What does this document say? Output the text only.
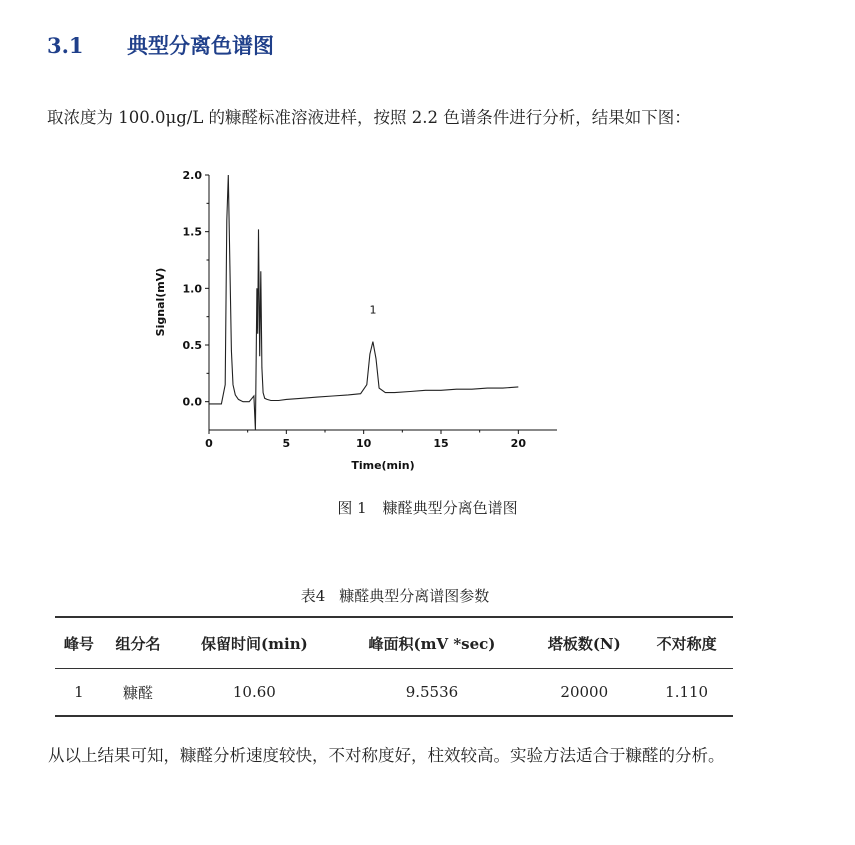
3.1 典型分离色谱图

取浓度为 100.0μg/L 的糠醛标准溶液进样，按照 2.2 色谱条件进行分析，结果如下图：

0	5	10	15	20
0.0
0.5
1.0
1.5
2.0
1
Time(min)
Signal(mV)

图 1 糠醛典型分离色谱图

表4 糠醛典型分离谱图参数

峰号	组分名	保留时间(min)	峰面积(mV *sec)	塔板数(N)	不对称度
1	糠醛	10.60	9.5536	20000	1.110

从以上结果可知，糠醛分析速度较快，不对称度好，柱效较高。实验方法适合于糠醛的分析。
